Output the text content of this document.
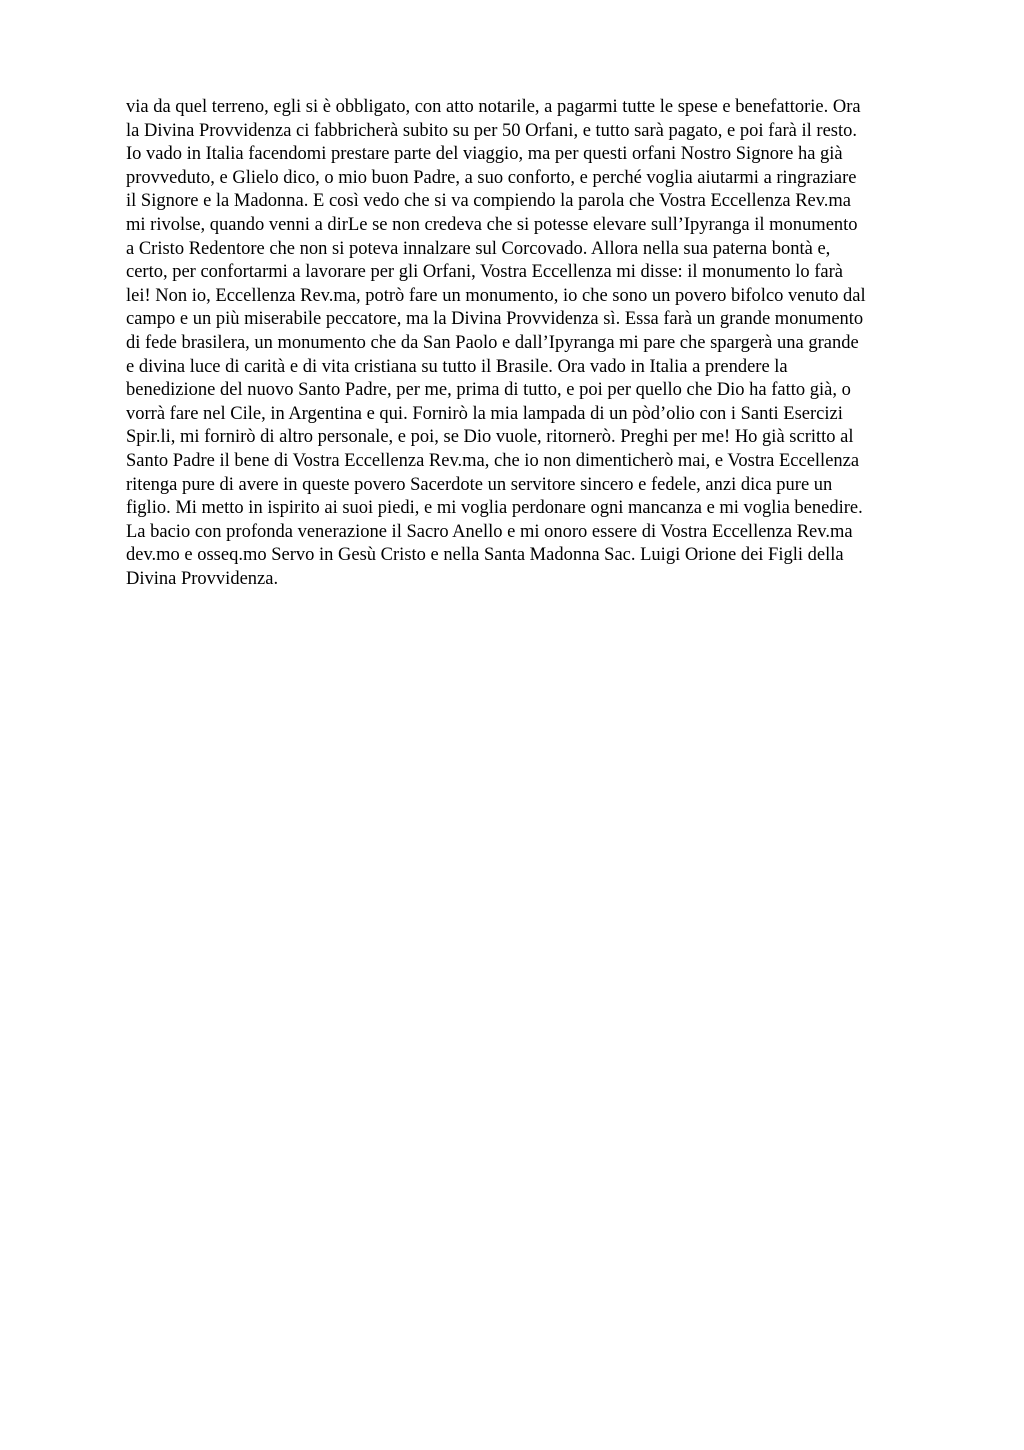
via da quel terreno, egli si è obbligato, con atto notarile, a pagarmi tutte le spese e benefattorie. Ora
la Divina Provvidenza ci fabbricherà subito su per 50 Orfani, e tutto sarà pagato, e poi farà il resto.
Io vado in Italia facendomi prestare parte del viaggio, ma per questi orfani Nostro Signore ha già
provveduto, e Glielo dico, o mio buon Padre, a suo conforto, e perché voglia aiutarmi a ringraziare
il Signore e la Madonna. E così vedo che si va compiendo la parola che Vostra Eccellenza Rev.ma
mi rivolse, quando venni a dirLe se non credeva che si potesse elevare sull’Ipyranga il monumento
a Cristo Redentore che non si poteva innalzare sul Corcovado. Allora nella sua paterna bontà e,
certo, per confortarmi a lavorare per gli Orfani, Vostra Eccellenza mi disse: il monumento lo farà
lei! Non io, Eccellenza Rev.ma, potrò fare un monumento, io che sono un povero bifolco venuto dal
campo e un più miserabile peccatore, ma la Divina Provvidenza sì. Essa farà un grande monumento
di fede brasilera, un monumento che da San Paolo e dall’Ipyranga mi pare che spargerà una grande
e divina luce di carità e di vita cristiana su tutto il Brasile. Ora vado in Italia a prendere la
benedizione del nuovo Santo Padre, per me, prima di tutto, e poi per quello che Dio ha fatto già, o
vorrà fare nel Cile, in Argentina e qui. Fornirò la mia lampada di un pòd’olio con i Santi Esercizi
Spir.li, mi fornirò di altro personale, e poi, se Dio vuole, ritornerò. Preghi per me! Ho già scritto al
Santo Padre il bene di Vostra Eccellenza Rev.ma, che io non dimenticherò mai, e Vostra Eccellenza
ritenga pure di avere in queste povero Sacerdote un servitore sincero e fedele, anzi dica pure un
figlio. Mi metto in ispirito ai suoi piedi, e mi voglia perdonare ogni mancanza e mi voglia benedire.
La bacio con profonda venerazione il Sacro Anello e mi onoro essere di Vostra Eccellenza Rev.ma
dev.mo e osseq.mo Servo in Gesù Cristo e nella Santa Madonna Sac. Luigi Orione dei Figli della
Divina Provvidenza.
